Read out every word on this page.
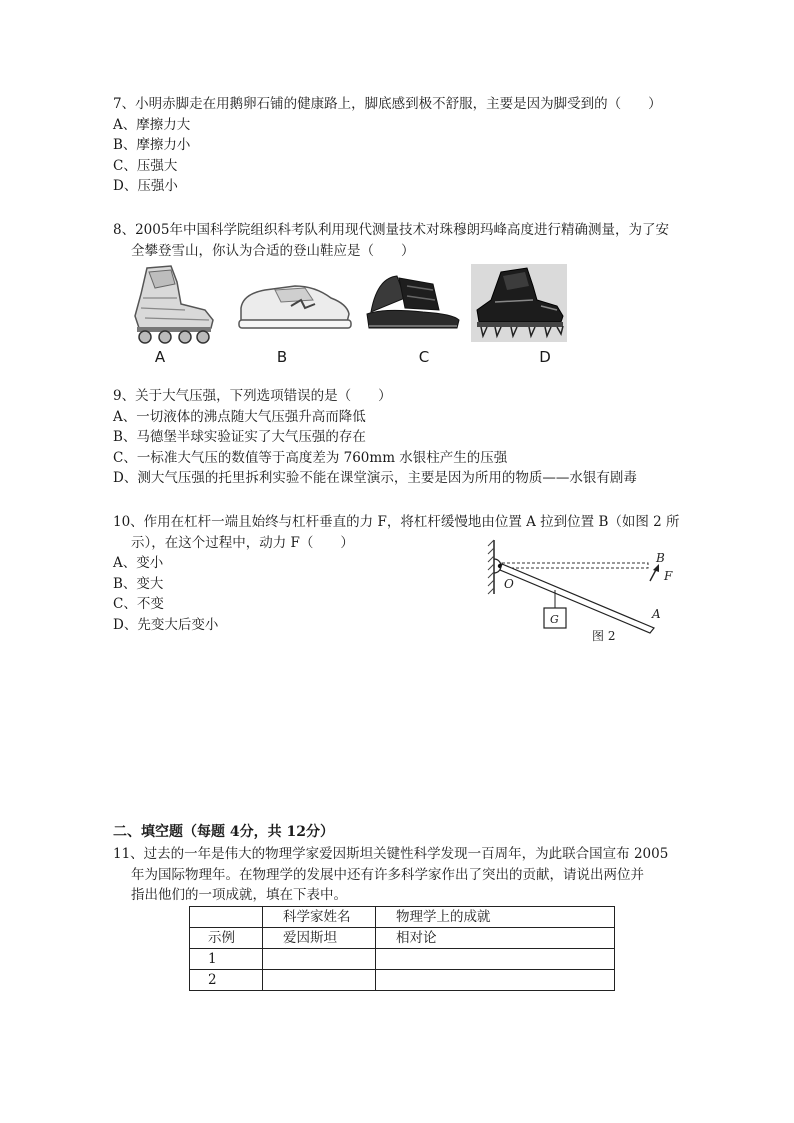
7、小明赤脚走在用鹅卵石铺的健康路上，脚底感到极不舒服，主要是因为脚受到的（　　）
A、摩擦力大
B、摩擦力小
C、压强大
D、压强小
8、2005年中国科学院组织科考队利用现代测量技术对珠穆朗玛峰高度进行精确测量，为了安
全攀登雪山，你认为合适的登山鞋应是（　　）
A	B	C	D
9、关于大气压强，下列选项错误的是（　　）
A、一切液体的沸点随大气压强升高而降低
B、马德堡半球实验证实了大气压强的存在
C、一标准大气压的数值等于高度差为 760mm 水银柱产生的压强
D、测大气压强的托里拆利实验不能在课堂演示，主要是因为所用的物质——水银有剧毒
10、作用在杠杆一端且始终与杠杆垂直的力 F，将杠杆缓慢地由位置 A 拉到位置 B（如图 2 所
示），在这个过程中，动力 F（　　）
A、变小
B、变大
C、不变
D、先变大后变小
O
B
F
A
G
图 2
二、填空题（每题 4分，共 12分）
11、过去的一年是伟大的物理学家爱因斯坦关键性科学发现一百周年，为此联合国宣布 2005
年为国际物理年。在物理学的发展中还有许多科学家作出了突出的贡献，请说出两位并
指出他们的一项成就，填在下表中。
	科学家姓名	物理学上的成就
示例	爱因斯坦	相对论
1		
2		
